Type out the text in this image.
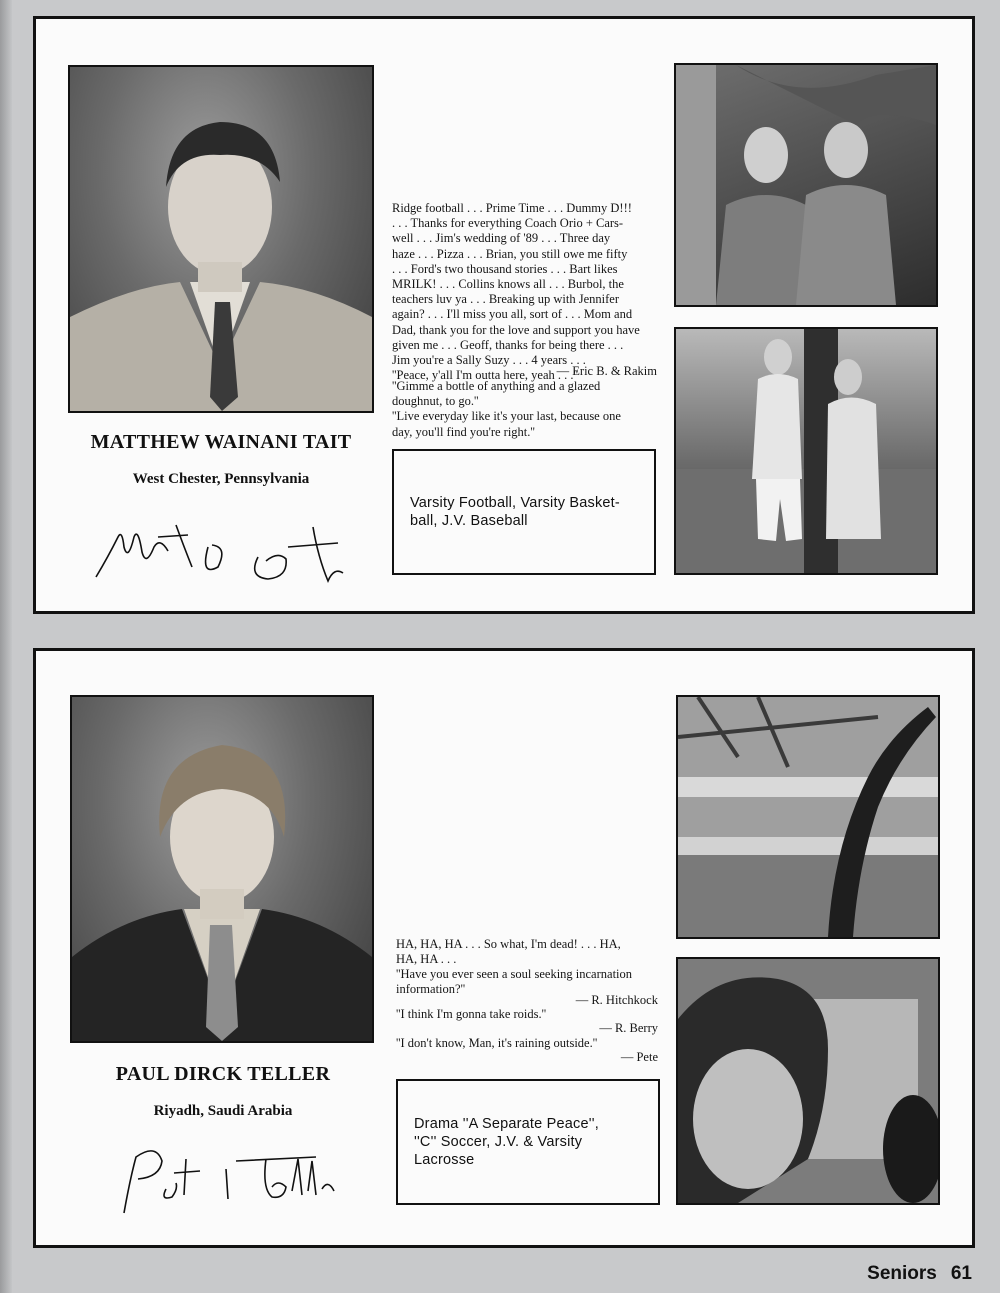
MATTHEW WAINANI TAIT
West Chester, Pennsylvania
Ridge football . . . Prime Time . . . Dummy D!!!
. . . Thanks for everything Coach Orio + Cars-
well . . . Jim's wedding of '89 . . . Three day
haze . . . Pizza . . . Brian, you still owe me fifty
. . . Ford's two thousand stories . . . Bart likes
MRILK! . . . Collins knows all . . . Burbol, the
teachers luv ya . . . Breaking up with Jennifer
again? . . . I'll miss you all, sort of . . . Mom and
Dad, thank you for the love and support you have
given me . . . Geoff, thanks for being there . . .
Jim you're a Sally Suzy . . . 4 years . . .
''Peace, y'all I'm outta here, yeah . . .''
— Eric B. & Rakim
''Gimme a bottle of anything and a glazed
doughnut, to go.''
''Live everyday like it's your last, because one
day, you'll find you're right.''
Varsity Football, Varsity Basket-
ball, J.V. Baseball
PAUL DIRCK TELLER
Riyadh, Saudi Arabia
HA, HA, HA . . . So what, I'm dead! . . . HA,
HA, HA . . .
''Have you ever seen a soul seeking incarnation
information?''
— R. Hitchkock
''I think I'm gonna take roids.''
— R. Berry
''I don't know, Man, it's raining outside.''
— Pete
Drama ''A Separate Peace'',
''C'' Soccer, J.V. & Varsity
Lacrosse
Seniors 61
